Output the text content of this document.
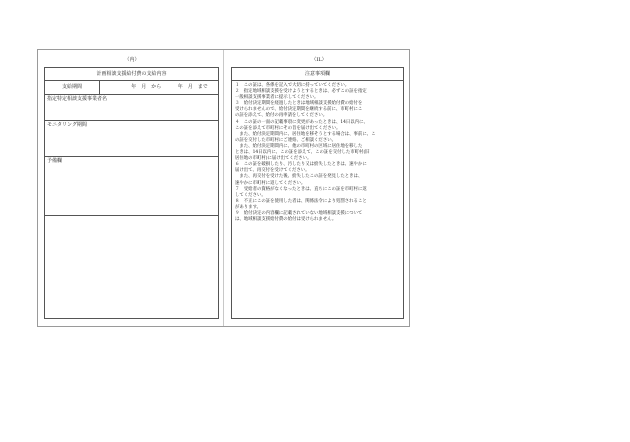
（内）	（IL）
計画相談支援給付費の支給内容
支給期間	年　月　から	年　月　まで
指定特定相談支援事業者名
モニタリング期間
予備欄
注意事項欄

１　この証は、各係を記入で大切に持っていてください。

２　指定地域相談支援を受けようとするときは、必ずこの証を指定

一般相談支援事業者に提示してください。

３　給付決定期間を経過したときは地域相談支援給付費の給付を

受けられませんので、給付決定期間を継続する前に、市町村にこ

の証を添えて、給付の再申請をしてください。

４　この証の一面の記載事項に変更があったときは、14日以内に、

この証を添えて市町村にその旨を届け出てください。

　また、給付決定期間内に、居住地を移そうとする場合は、事前に、こ

の証を交付した市町村にご連絡、ご相談ください。

　また、給付決定期間内に、他の市町村の区域に居住地を移した

ときは、14日以内に、この証を添えて、この証を交付した市町村(旧

居住地の市町村)に届け出てください。

６　この証を破損したり、汚したり又は紛失したときは、速やかに

届け出て、再交付を受けてください。

　また、再交付を受けた後、紛失したこの証を発見したときは、

速やかに市町村に返してください。

７　受給者の資格がなくなったときは、直ちにこの証を市町村に返

してください。

８　不正にこの証を使用した者は、関係法令により処罰されること

があります。

９　給付決定の内容欄に記載されていない地域相談支援について

は、地域相談支援給付費の給付は受けられません。
